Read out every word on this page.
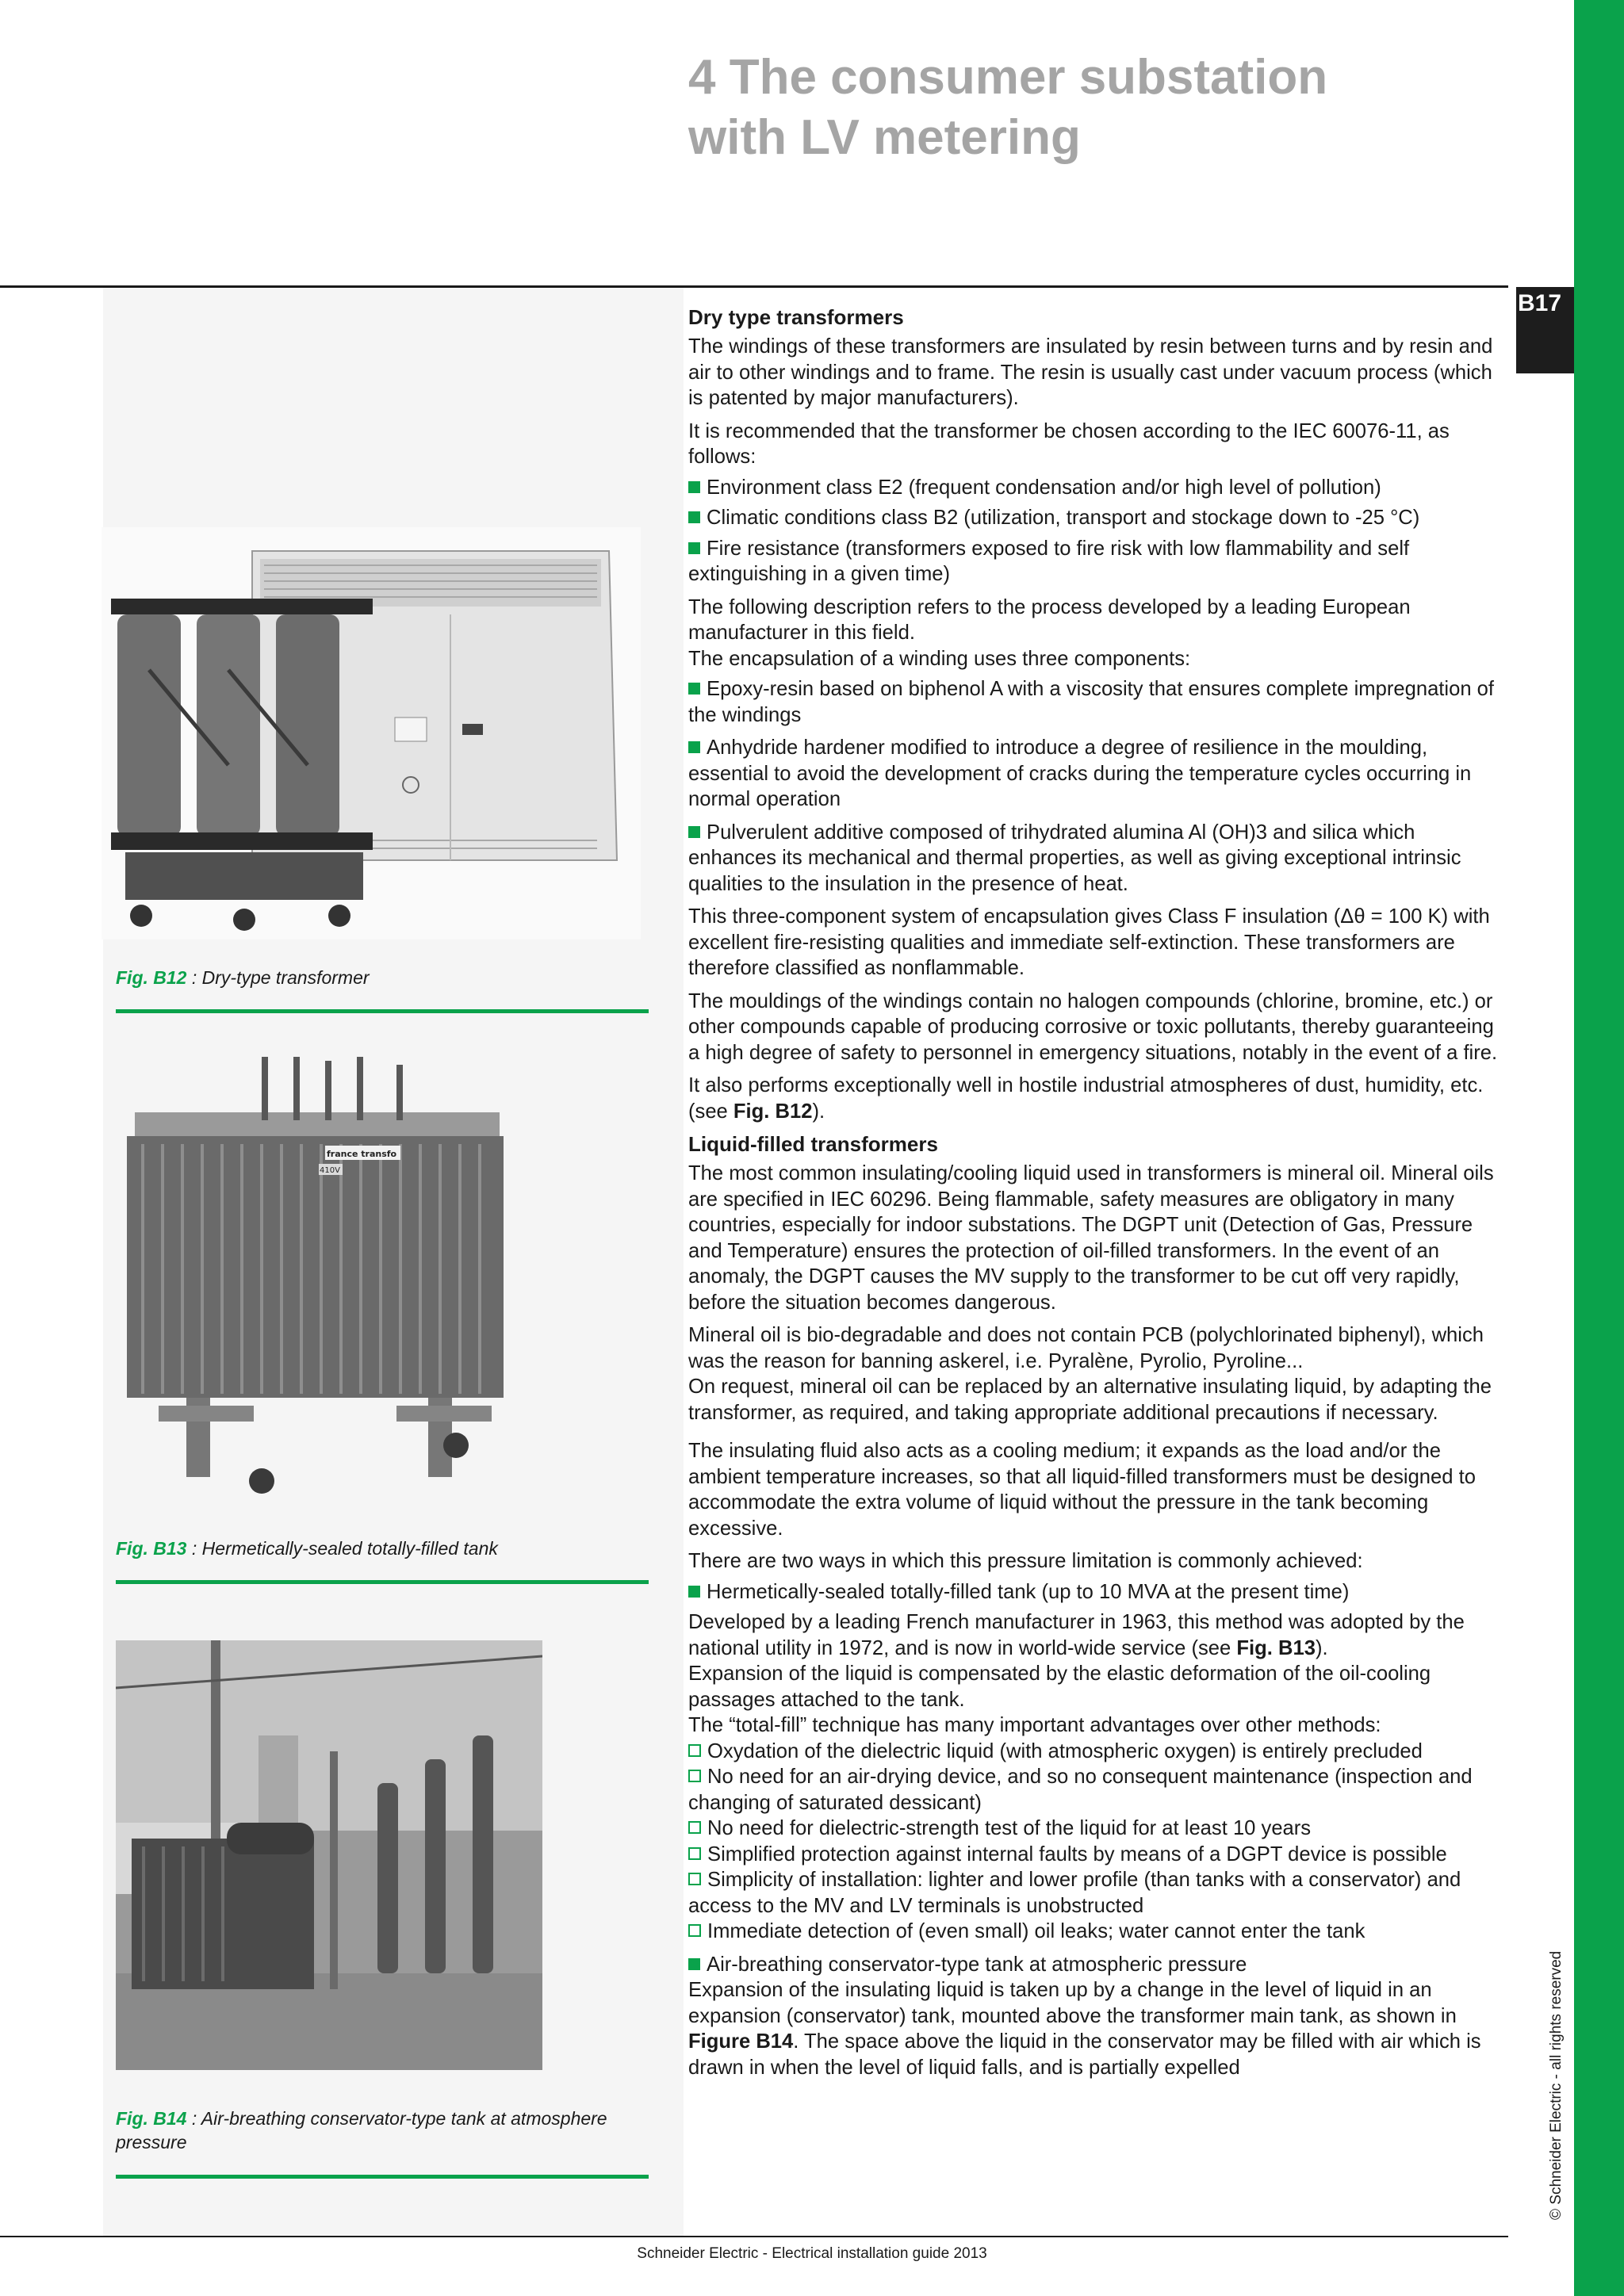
B17
© Schneider Electric - all rights reserved
4 The consumer substation
with LV metering
Fig. B12 : Dry-type transformer
france transfo
410V
Fig. B13 : Hermetically-sealed totally-filled tank
Fig. B14 : Air-breathing conservator-type tank at atmosphere pressure
Dry type transformers

The windings of these transformers are insulated by resin between turns and by resin and air to other windings and to frame. The resin is usually cast under vacuum process (which is patented by major manufacturers).

It is recommended that the transformer be chosen according to the IEC 60076-11, as follows:

Environment class E2 (frequent condensation and/or high level of pollution)

Climatic conditions class B2 (utilization, transport and stockage down to -25 °C)

Fire resistance (transformers exposed to fire risk with low flammability and self extinguishing in a given time)

The following description refers to the process developed by a leading European manufacturer in this field.

The encapsulation of a winding uses three components:

Epoxy-resin based on biphenol A with a viscosity that ensures complete impregnation of the windings

Anhydride hardener modified to introduce a degree of resilience in the moulding, essential to avoid the development of cracks during the temperature cycles occurring in normal operation

Pulverulent additive composed of trihydrated alumina Al (OH)3 and silica which enhances its mechanical and thermal properties, as well as giving exceptional intrinsic qualities to the insulation in the presence of heat.

This three-component system of encapsulation gives Class F insulation (Δθ = 100 K) with excellent fire-resisting qualities and immediate self-extinction. These transformers are therefore classified as nonflammable.

The mouldings of the windings contain no halogen compounds (chlorine, bromine, etc.) or other compounds capable of producing corrosive or toxic pollutants, thereby guaranteeing a high degree of safety to personnel in emergency situations, notably in the event of a fire.

It also performs exceptionally well in hostile industrial atmospheres of dust, humidity, etc. (see Fig. B12).

Liquid-filled transformers

The most common insulating/cooling liquid used in transformers is mineral oil. Mineral oils are specified in IEC 60296. Being flammable, safety measures are obligatory in many countries, especially for indoor substations. The DGPT unit (Detection of Gas, Pressure and Temperature) ensures the protection of oil-filled transformers. In the event of an anomaly, the DGPT causes the MV supply to the transformer to be cut off very rapidly, before the situation becomes dangerous.

Mineral oil is bio-degradable and does not contain PCB (polychlorinated biphenyl), which was the reason for banning askerel, i.e. Pyralène, Pyrolio, Pyroline...

On request, mineral oil can be replaced by an alternative insulating liquid, by adapting the transformer, as required, and taking appropriate additional precautions if necessary.

The insulating fluid also acts as a cooling medium; it expands as the load and/or the ambient temperature increases, so that all liquid-filled transformers must be designed to accommodate the extra volume of liquid without the pressure in the tank becoming excessive.

There are two ways in which this pressure limitation is commonly achieved:

Hermetically-sealed totally-filled tank (up to 10 MVA at the present time)

Developed by a leading French manufacturer in 1963, this method was adopted by the national utility in 1972, and is now in world-wide service (see Fig. B13).

Expansion of the liquid is compensated by the elastic deformation of the oil-cooling passages attached to the tank.

The “total-fill” technique has many important advantages over other methods:

Oxydation of the dielectric liquid (with atmospheric oxygen) is entirely precluded

No need for an air-drying device, and so no consequent maintenance (inspection and changing of saturated dessicant)

No need for dielectric-strength test of the liquid for at least 10 years

Simplified protection against internal faults by means of a DGPT device is possible

Simplicity of installation: lighter and lower profile (than tanks with a conservator) and access to the MV and LV terminals is unobstructed

Immediate detection of (even small) oil leaks; water cannot enter the tank

Air-breathing conservator-type tank at atmospheric pressure

Expansion of the insulating liquid is taken up by a change in the level of liquid in an expansion (conservator) tank, mounted above the transformer main tank, as shown in Figure B14. The space above the liquid in the conservator may be filled with air which is drawn in when the level of liquid falls, and is partially expelled

Schneider Electric - Electrical installation guide 2013
